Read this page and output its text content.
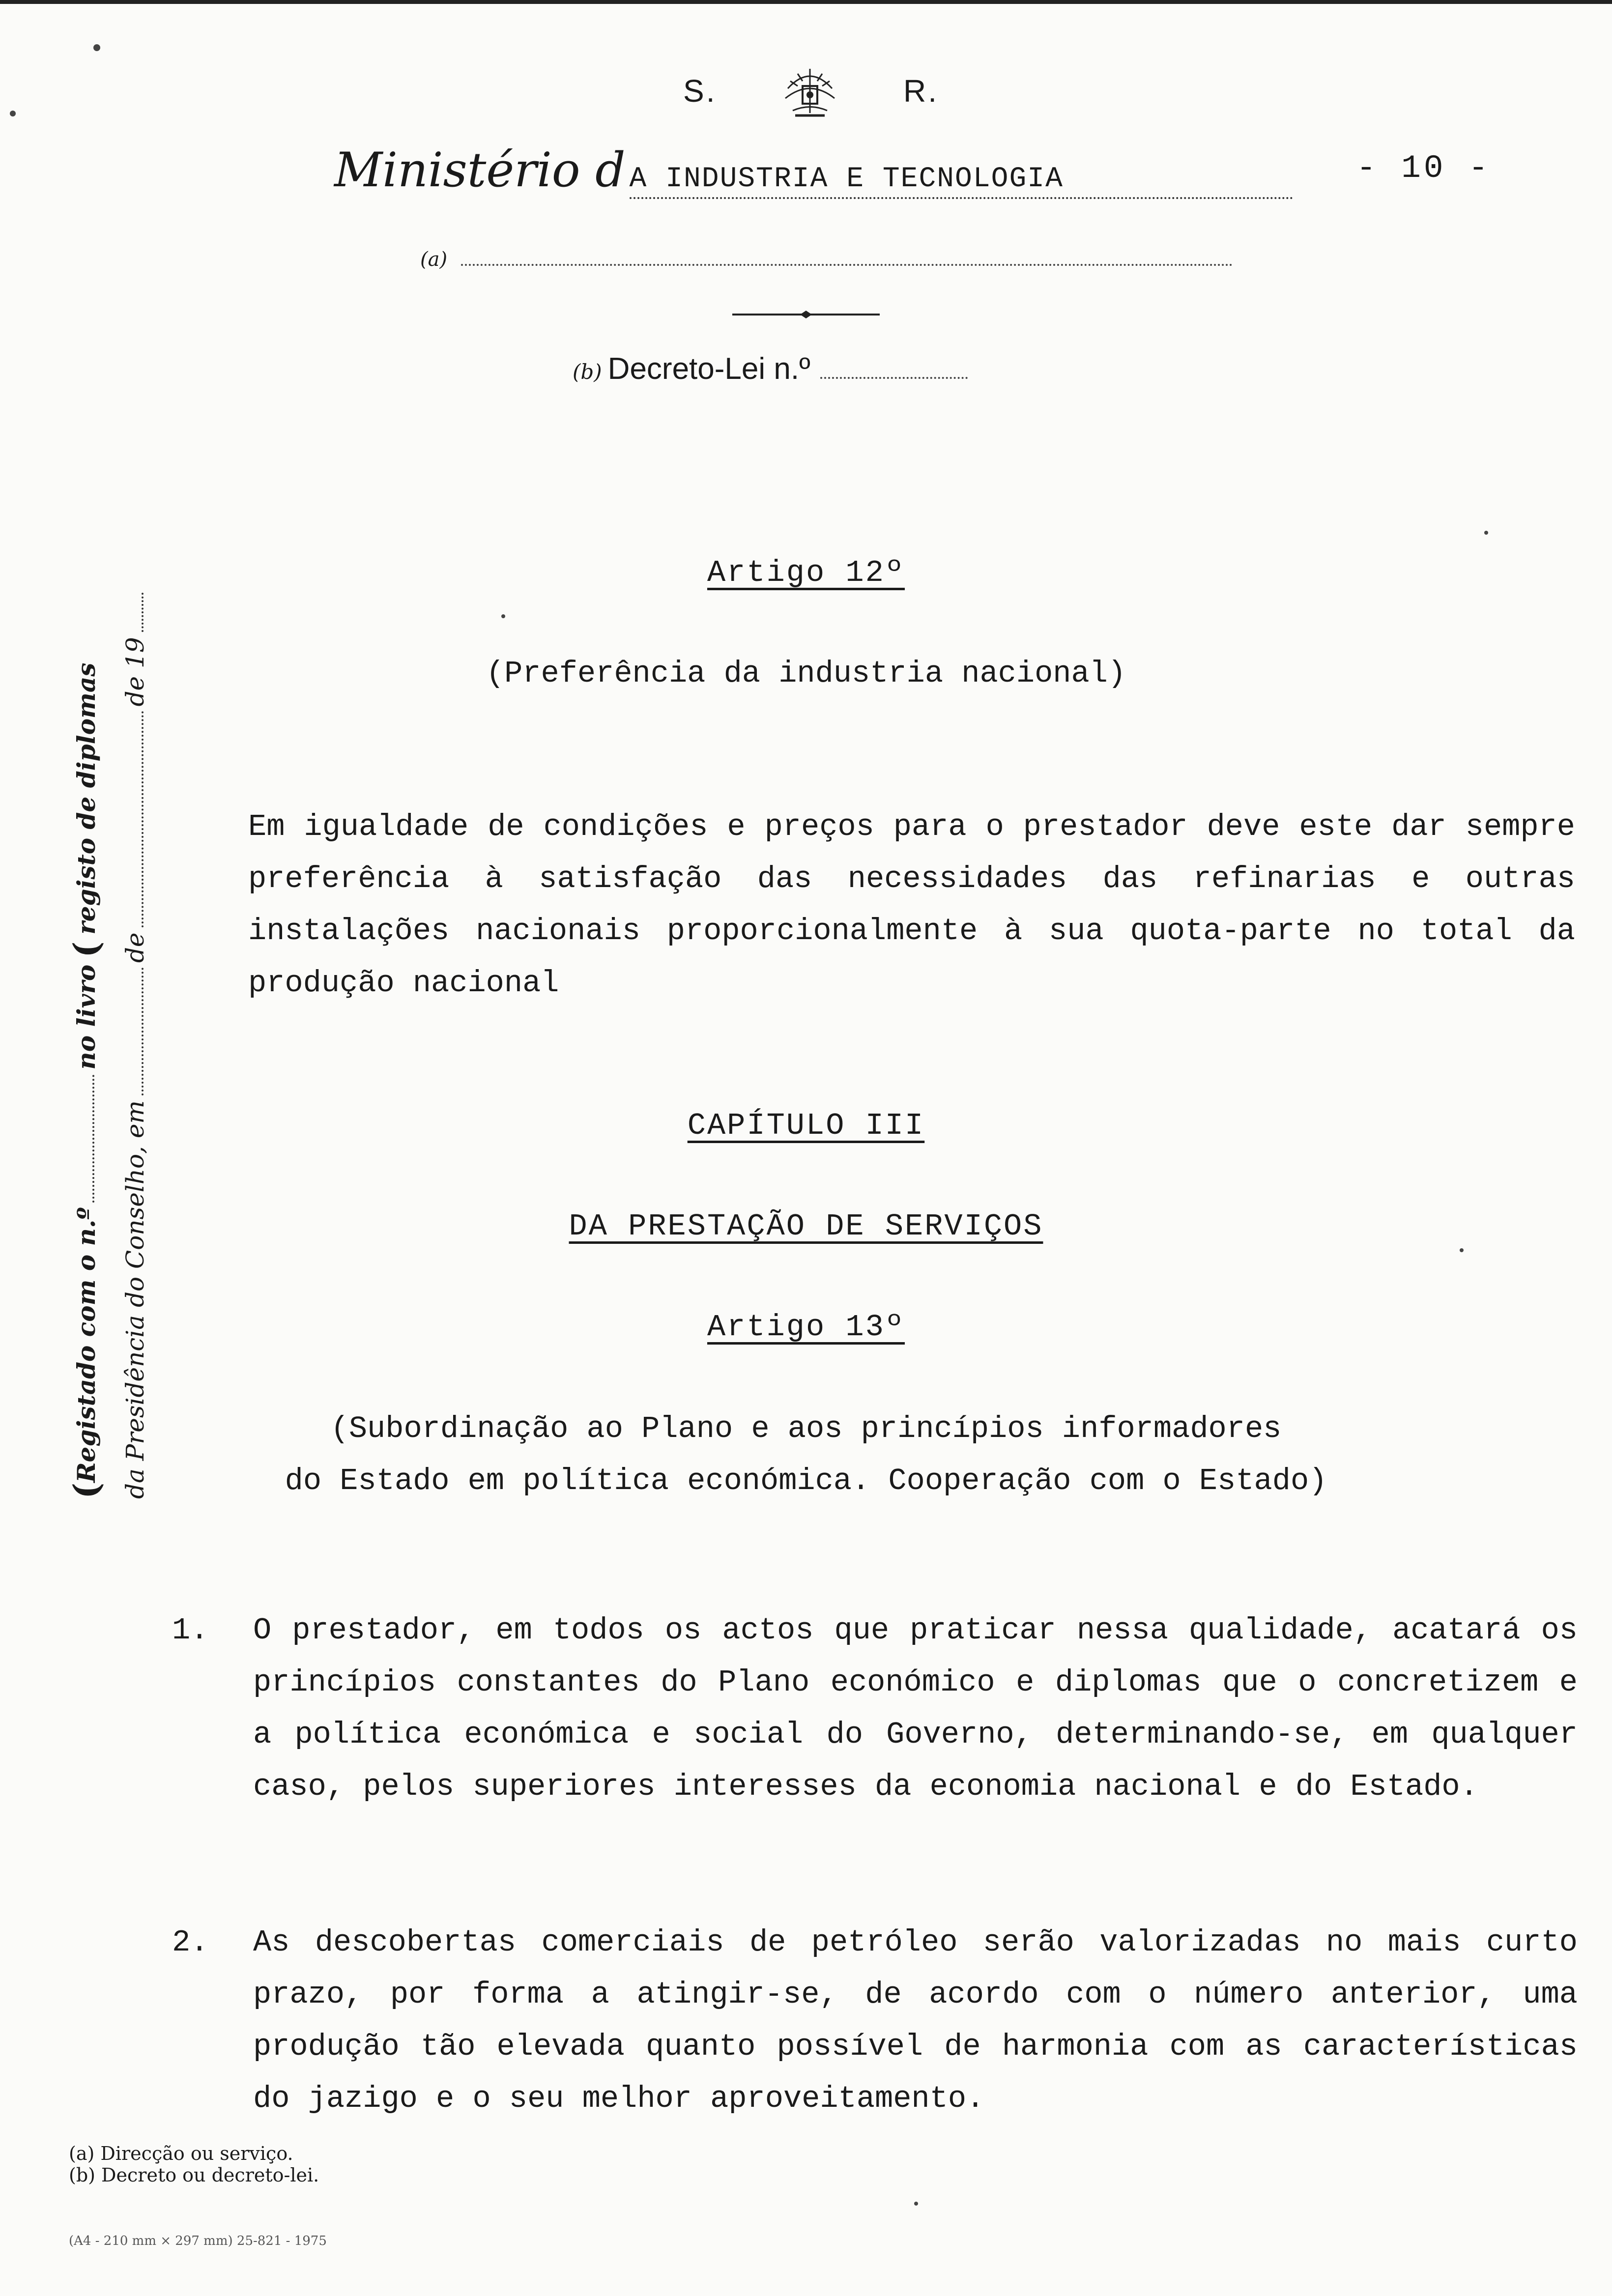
S.	R.
Ministério d A INDUSTRIA E TECNOLOGIA	- 10 -
(a)
(b) Decreto-Lei n.º
(
Registado com o n.º
no livro
(
registo de diplomas
da Presidência do Conselho, em
de
de 19
Artigo 12º
(Preferência da industria nacional)

Em igualdade de condições e preços para o prestador deve este dar sempre preferência à satisfação das necessidades das refinarias e outras instalações nacionais proporcionalmente à sua quota-parte no total da produção nacional

CAPÍTULO III
DA PRESTAÇÃO DE SERVIÇOS
Artigo 13º
(Subordinação ao Plano e aos princípios informadores
do Estado em política económica. Cooperação com o Estado)
1.	O prestador, em todos os actos que praticar nessa qualidade, acatará os princípios constantes do Plano económico e diplomas que o concretizem e a política económica e social do Governo, determinando-se, em qualquer caso, pelos superiores interesses da economia nacional e do Estado.

2.	As descobertas comerciais de petróleo serão valorizadas no mais curto prazo, por forma a atingir-se, de acordo com o número anterior, uma produção tão elevada quanto possível de harmonia com as características do jazigo e o seu melhor aproveitamento.

(a) Direcção ou serviço.
(b) Decreto ou decreto-lei.
(A4 - 210 mm × 297 mm) 25-821 - 1975
